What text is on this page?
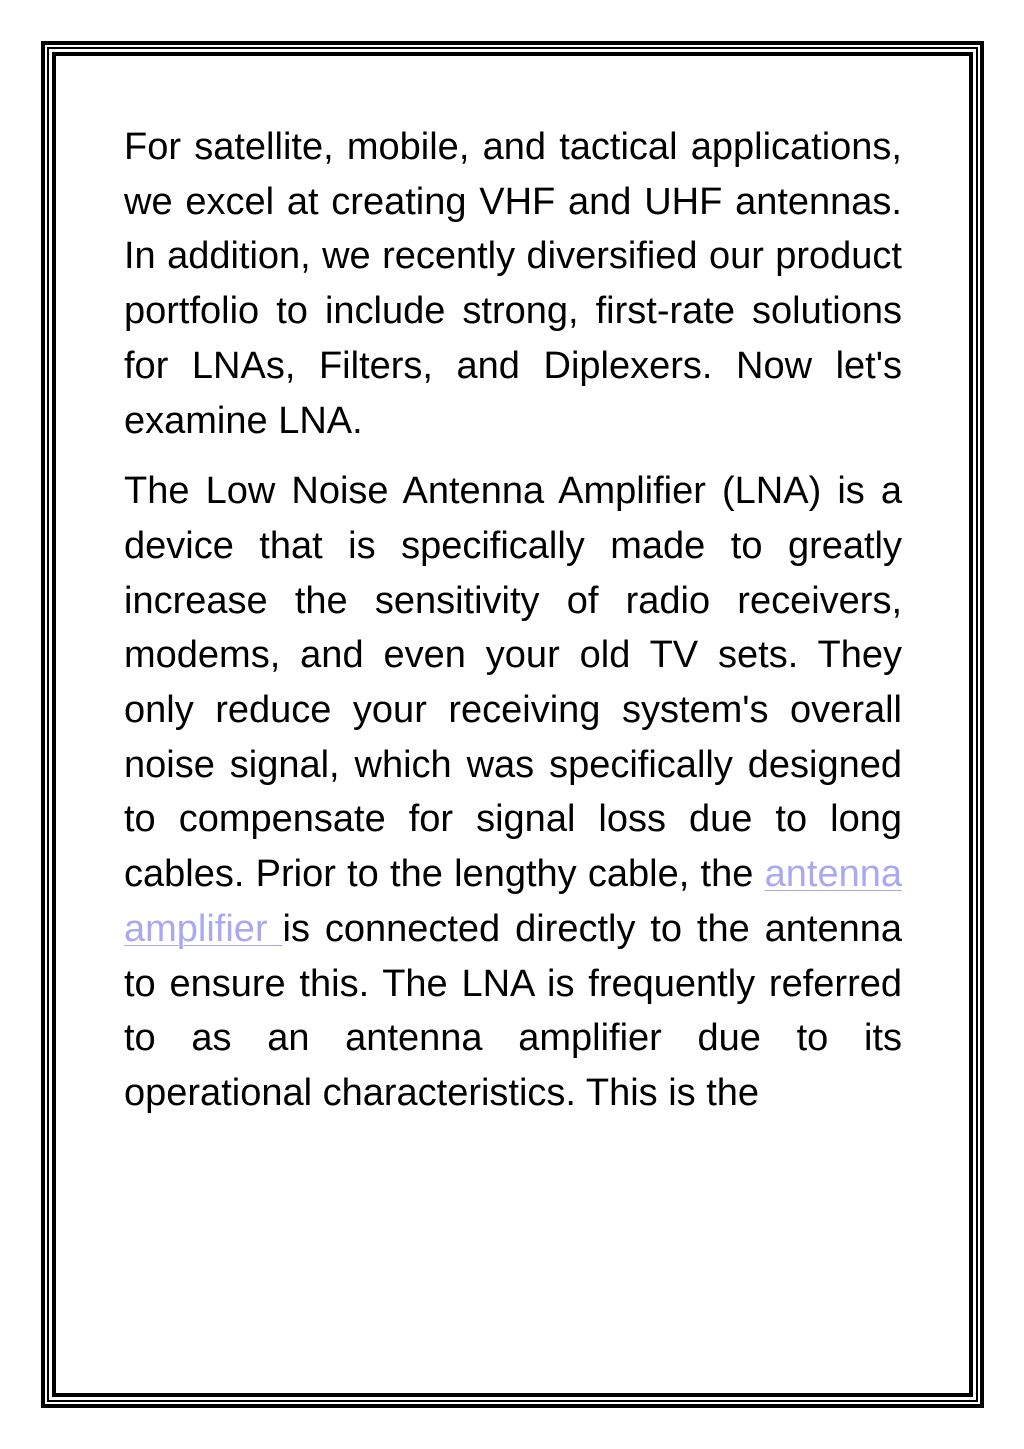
For satellite, mobile, and tactical applications, we excel at creating VHF and UHF antennas. In addition, we recently diversified our product portfolio to include strong, first-rate solutions for LNAs, Filters, and Diplexers. Now let's examine LNA.

The Low Noise Antenna Amplifier (LNA) is a device that is specifically made to greatly increase the sensitivity of radio receivers, modems, and even your old TV sets. They only reduce your receiving system's overall noise signal, which was specifically designed to compensate for signal loss due to long cables. Prior to the lengthy cable, the antenna amplifier is connected directly to the antenna to ensure this. The LNA is frequently referred to as an antenna amplifier due to its operational characteristics. This is the
